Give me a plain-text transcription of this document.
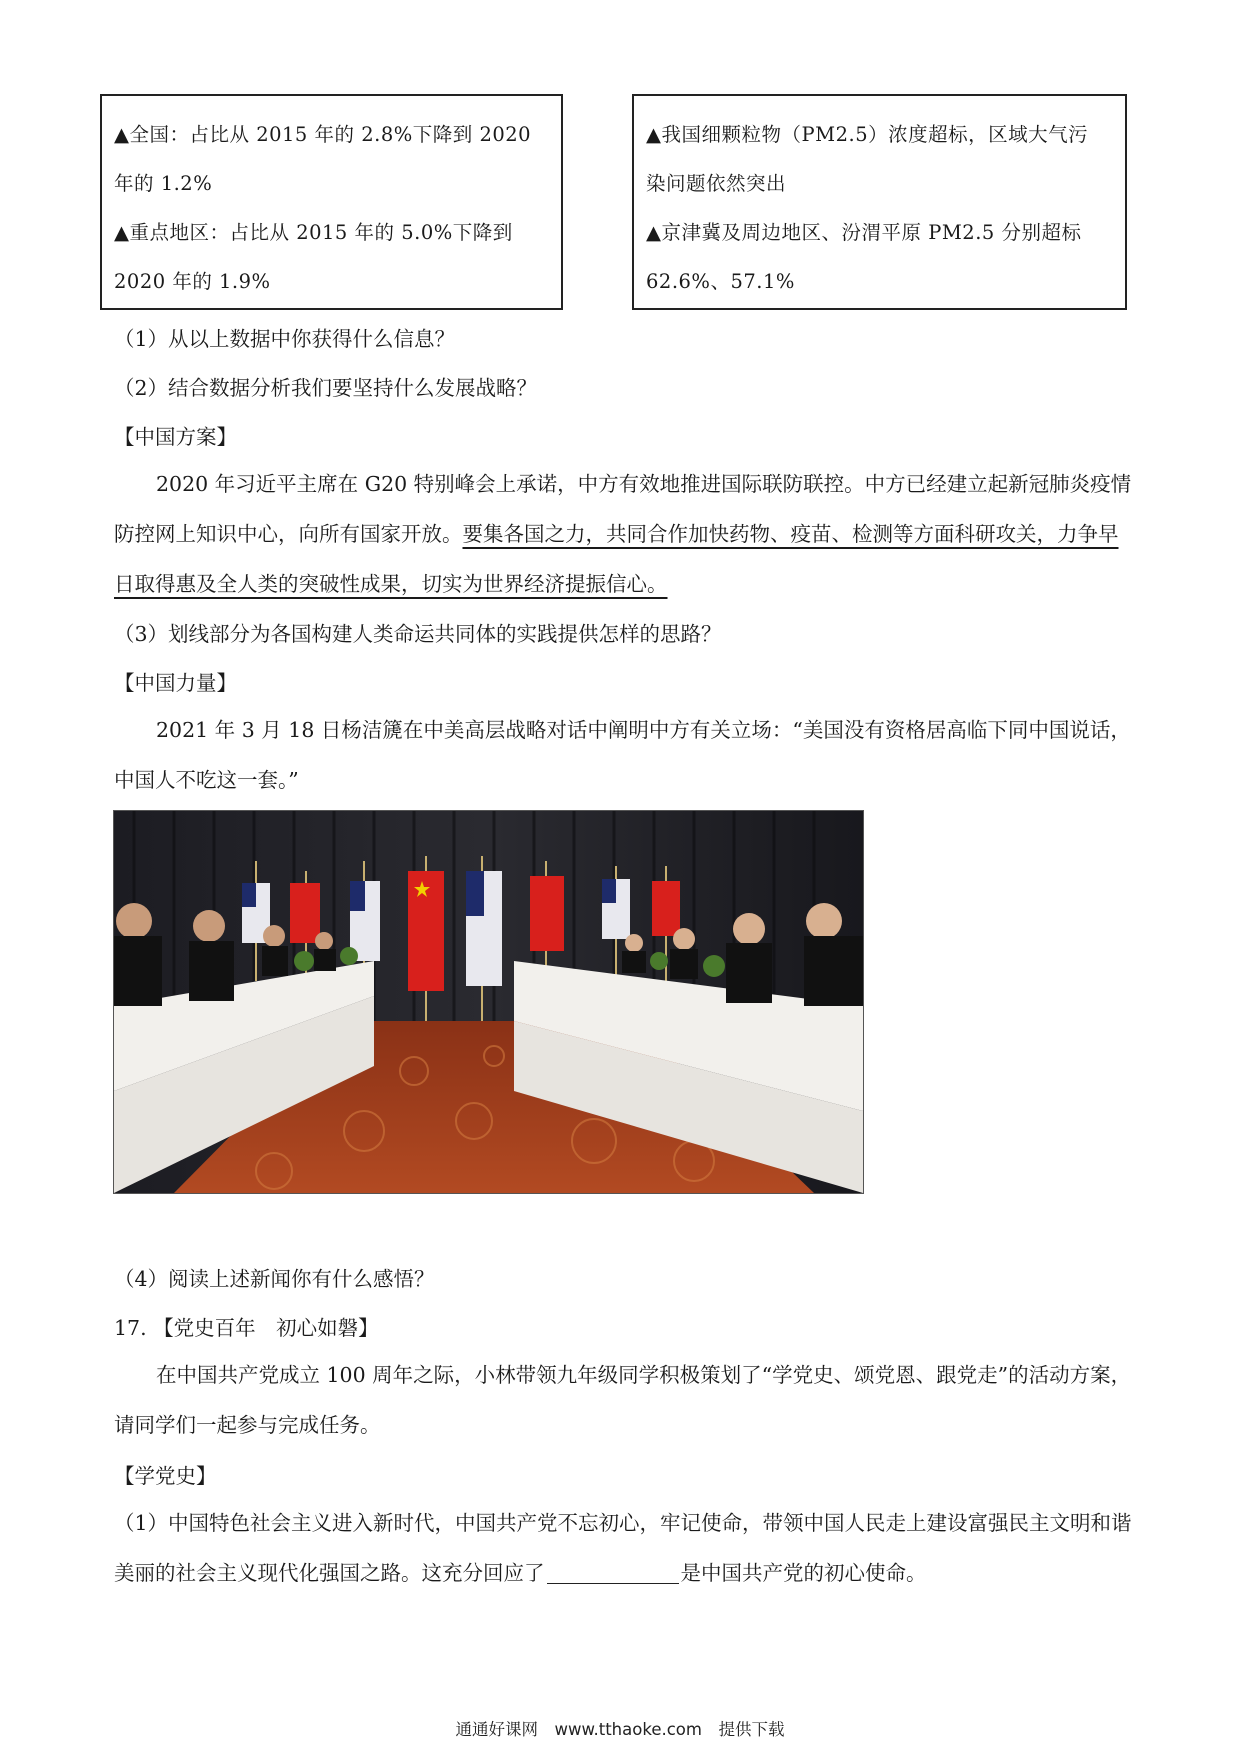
▲全国：占比从 2015 年的 2.8%下降到 2020

年的 1.2%

▲重点地区：占比从 2015 年的 5.0%下降到

2020 年的 1.9%

▲我国细颗粒物（PM2.5）浓度超标，区域大气污

染问题依然突出

▲京津冀及周边地区、汾渭平原 PM2.5 分别超标

62.6%、57.1%

（1）从以上数据中你获得什么信息？

（2）结合数据分析我们要坚持什么发展战略？

【中国方案】

2020 年习近平主席在 G20 特别峰会上承诺，中方有效地推进国际联防联控。中方已经建立起新冠肺炎疫情防控网上知识中心，向所有国家开放。要集各国之力，共同合作加快药物、疫苗、检测等方面科研攻关，力争早日取得惠及全人类的突破性成果，切实为世界经济提振信心。

（3）划线部分为各国构建人类命运共同体的实践提供怎样的思路？

【中国力量】

2021 年 3 月 18 日杨洁篪在中美高层战略对话中阐明中方有关立场：“美国没有资格居高临下同中国说话，中国人不吃这一套。”

（4）阅读上述新闻你有什么感悟？

17. 【党史百年　初心如磐】

在中国共产党成立 100 周年之际，小林带领九年级同学积极策划了“学党史、颂党恩、跟党走”的活动方案，请同学们一起参与完成任务。

【学党史】

（1）中国特色社会主义进入新时代，中国共产党不忘初心，牢记使命，带领中国人民走上建设富强民主文明和谐美丽的社会主义现代化强国之路。这充分回应了	是中国共产党的初心使命。

通通好课网　www.tthaoke.com　提供下载
